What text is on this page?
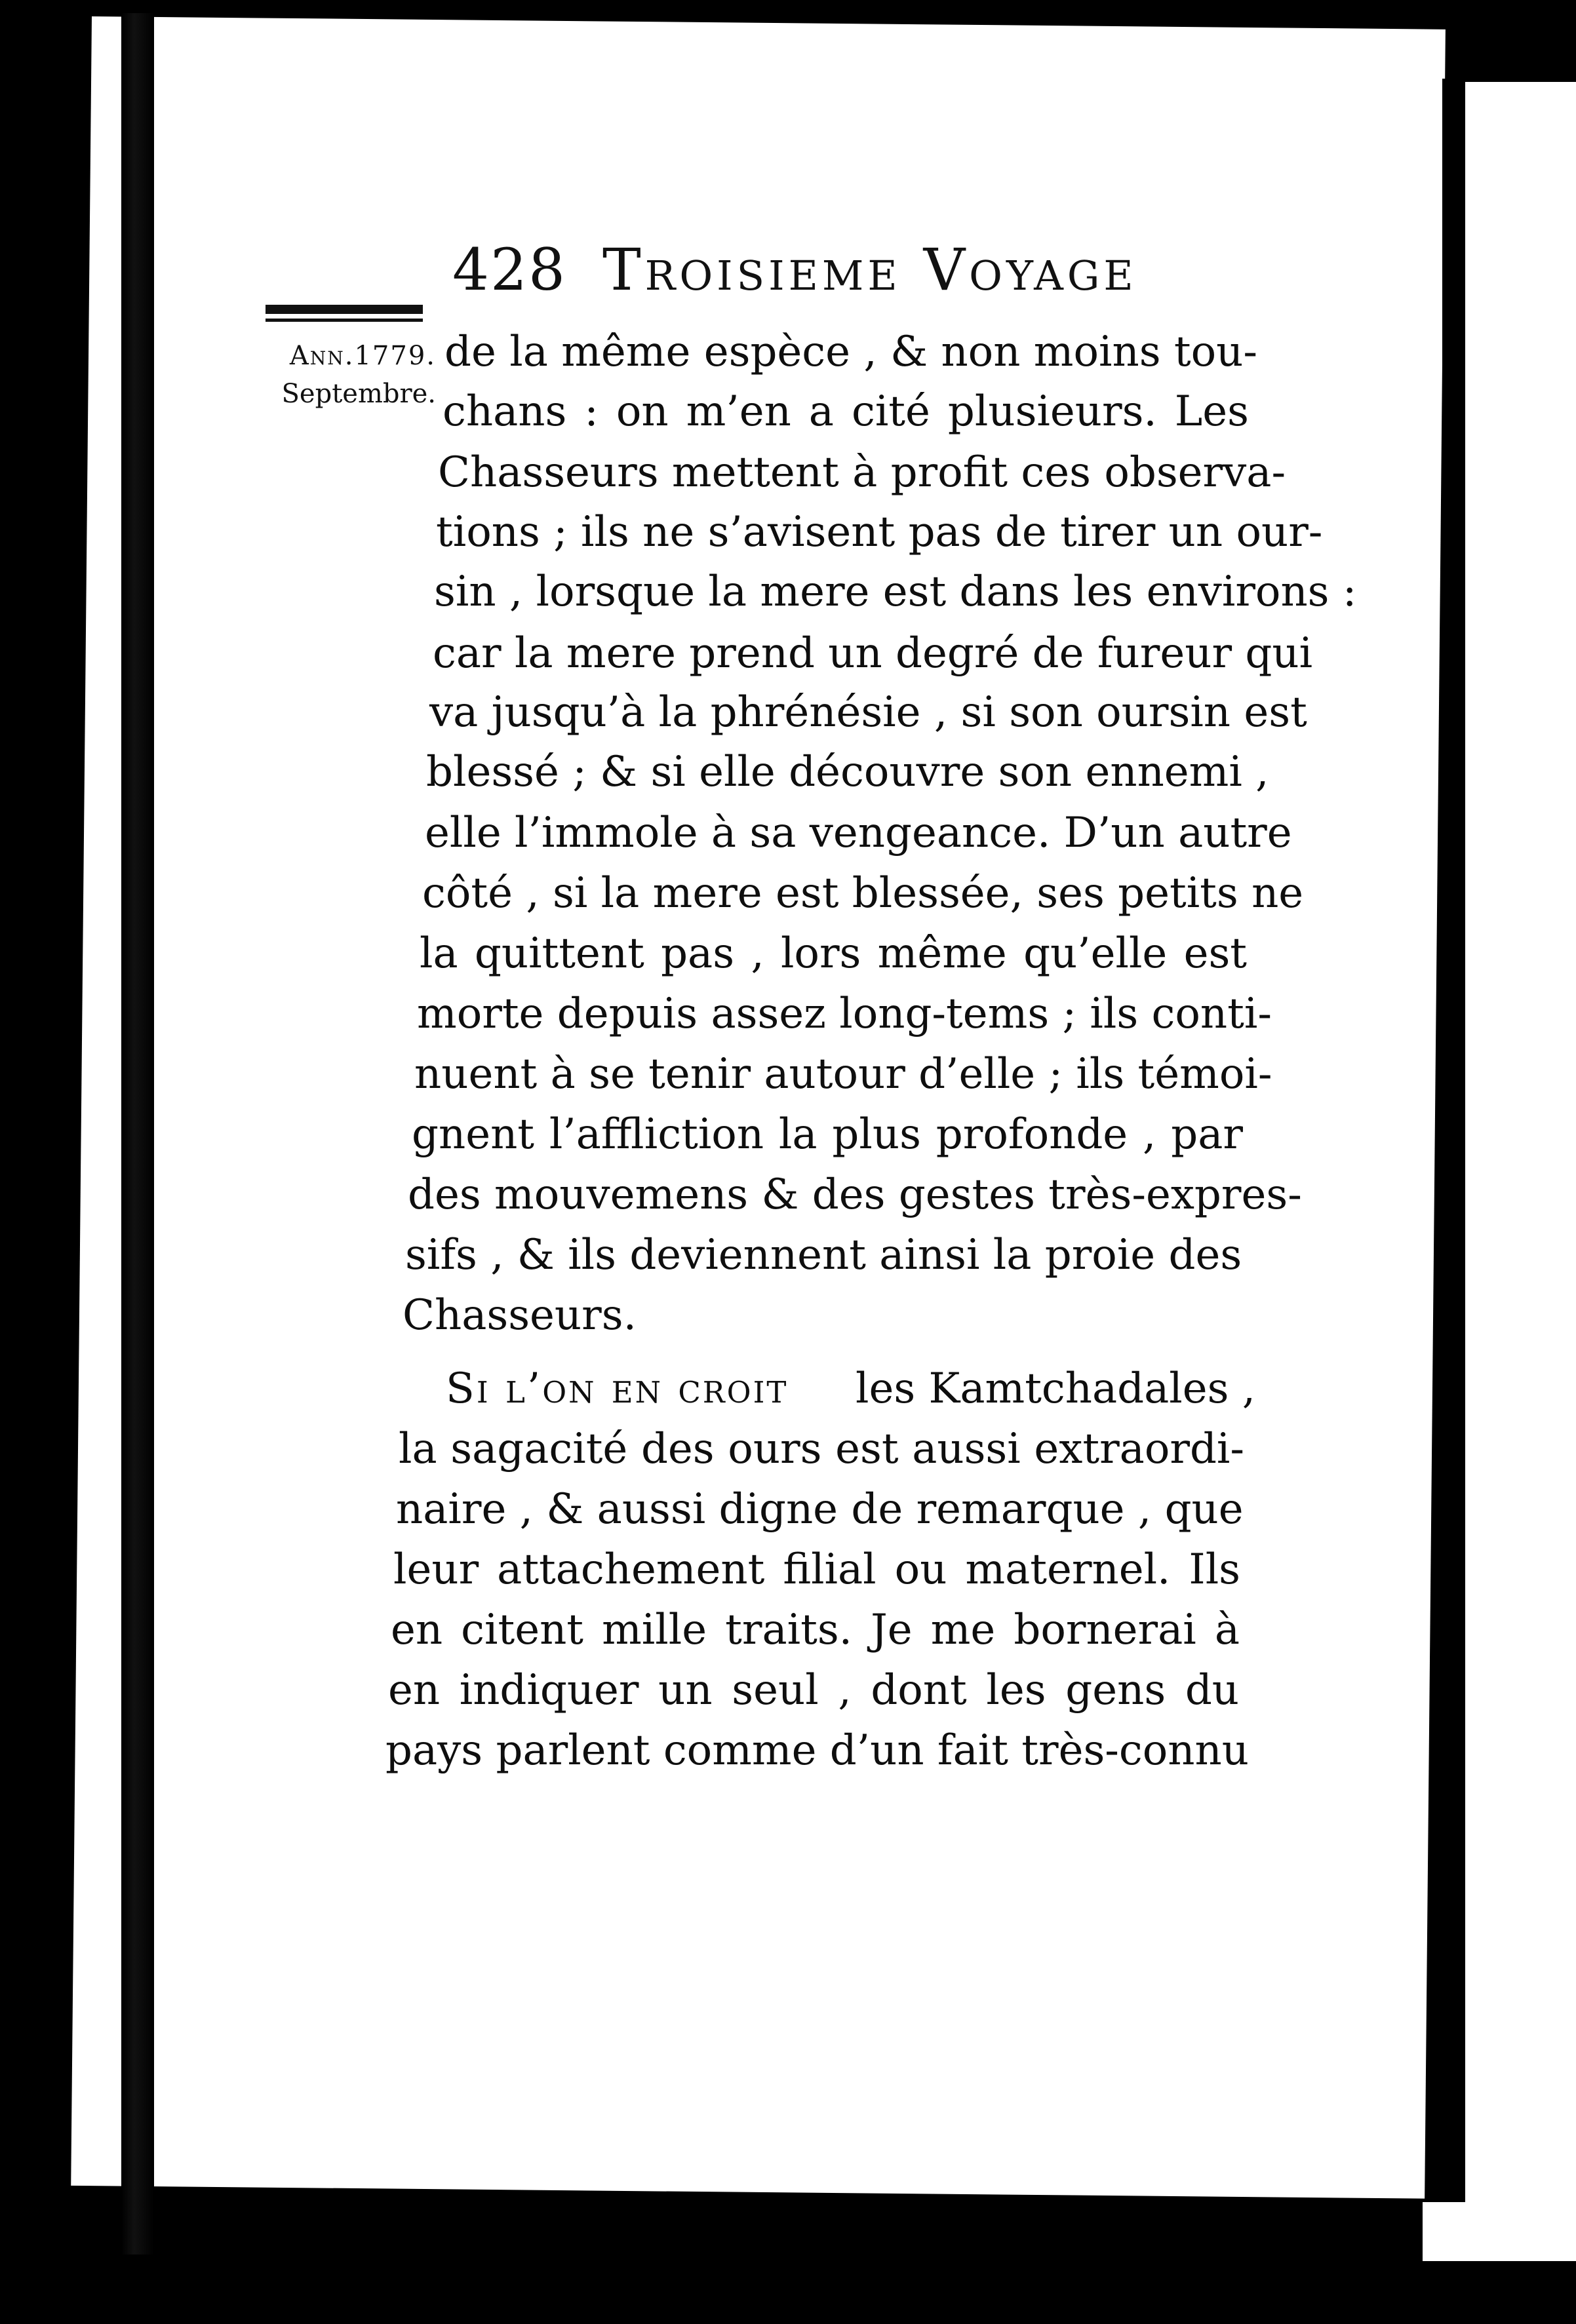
428 Troisieme Voyage
Ann.1779.
Septembre.
de la même espèce , & non moins tou-
chans : on m’en a cité plusieurs. Les
Chasseurs mettent à profit ces observa-
tions ; ils ne s’avisent pas de tirer un our-
sin , lorsque la mere est dans les environs :
car la mere prend un degré de fureur qui
va jusqu’à la phrénésie , si son oursin est
blessé ; & si elle découvre son ennemi ,
elle l’immole à sa vengeance. D’un autre
côté , si la mere est blessée, ses petits ne
la quittent pas , lors même qu’elle est
morte depuis assez long-tems ; ils conti-
nuent à se tenir autour d’elle ; ils témoi-
gnent l’affliction la plus profonde , par
des mouvemens & des gestes très-expres-
sifs , & ils deviennent ainsi la proie des
Chasseurs.
Si l’on en croit	les Kamtchadales ,
la sagacité des ours est aussi extraordi-
naire , & aussi digne de remarque , que
leur attachement filial ou maternel. Ils
en citent mille traits. Je me bornerai à
en indiquer un seul , dont les gens du
pays parlent comme d’un fait très-connu
